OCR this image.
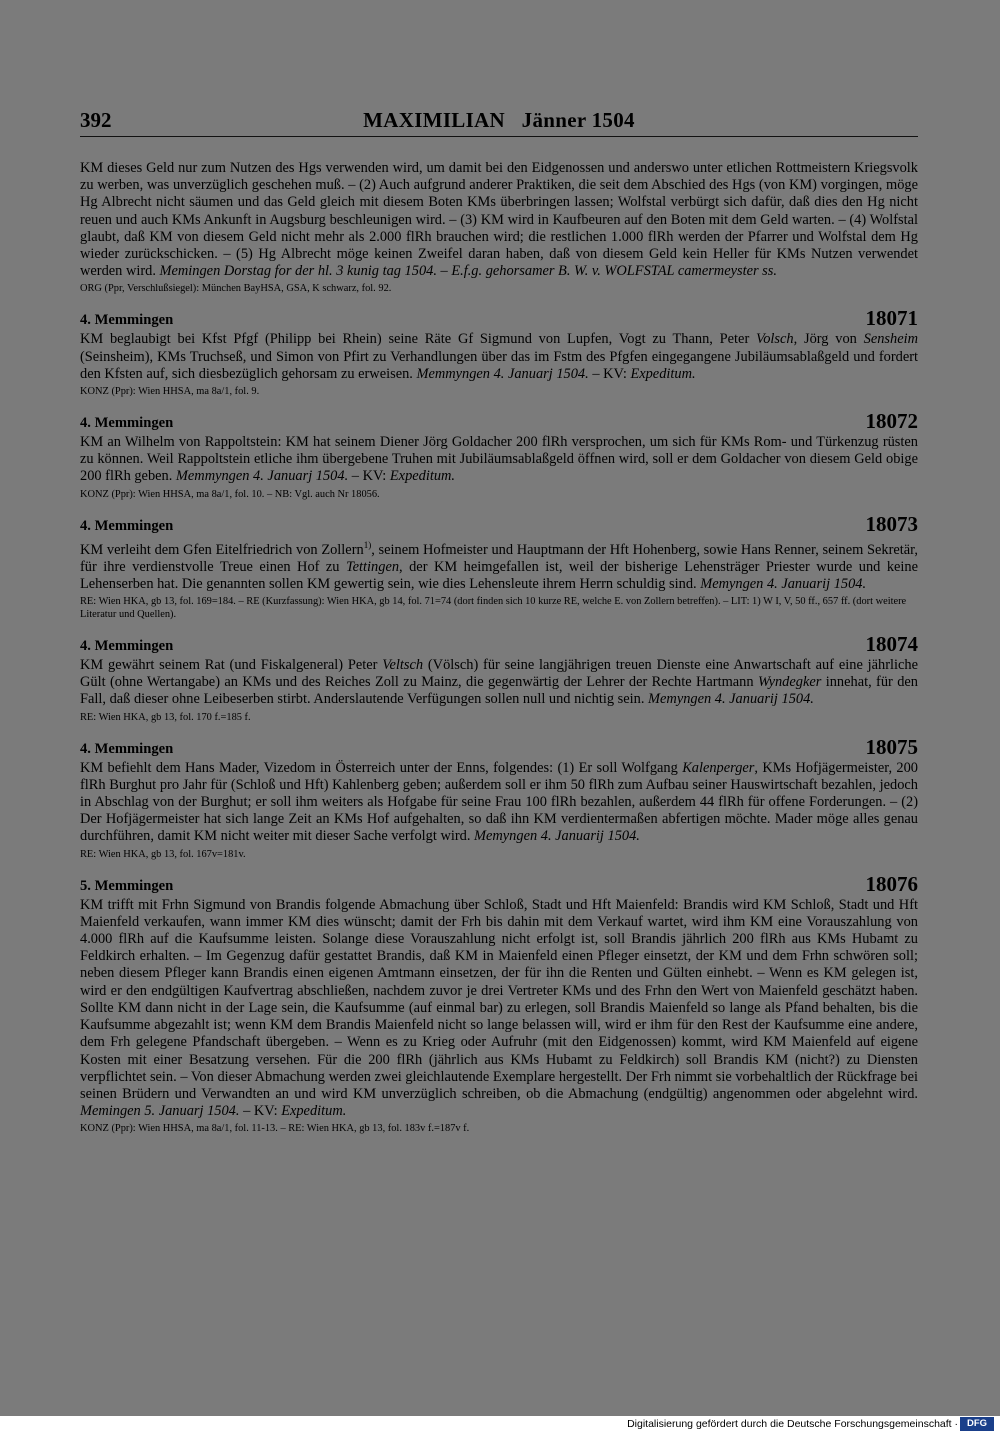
392	MAXIMILIAN   Jänner 1504

KM dieses Geld nur zum Nutzen des Hgs verwenden wird, um damit bei den Eidgenossen und anderswo unter etlichen Rottmeistern Kriegsvolk zu werben, was unverzüglich geschehen muß. – (2) Auch aufgrund anderer Praktiken, die seit dem Abschied des Hgs (von KM) vorgingen, möge Hg Albrecht nicht säumen und das Geld gleich mit diesem Boten KMs überbringen lassen; Wolfstal verbürgt sich dafür, daß dies den Hg nicht reuen und auch KMs Ankunft in Augsburg beschleunigen wird. – (3) KM wird in Kaufbeuren auf den Boten mit dem Geld warten. – (4) Wolfstal glaubt, daß KM von diesem Geld nicht mehr als 2.000 flRh brauchen wird; die restlichen 1.000 flRh werden der Pfarrer und Wolfstal dem Hg wieder zurückschicken. – (5) Hg Albrecht möge keinen Zweifel daran haben, daß von diesem Geld kein Heller für KMs Nutzen verwendet werden wird. Memingen Dorstag for der hl. 3 kunig tag 1504. – E.f.g. gehorsamer B. W. v. WOLFSTAL camermeyster ss.

ORG (Ppr, Verschlußsiegel): München BayHSA, GSA, K schwarz, fol. 92.

4. Memmingen	18071

KM beglaubigt bei Kfst Pfgf (Philipp bei Rhein) seine Räte Gf Sigmund von Lupfen, Vogt zu Thann, Peter Volsch, Jörg von Sensheim (Seinsheim), KMs Truchseß, und Simon von Pfirt zu Verhandlungen über das im Fstm des Pfgfen eingegangene Jubiläumsablaßgeld und fordert den Kfsten auf, sich diesbezüglich gehorsam zu erweisen. Memmyngen 4. Januarj 1504. – KV: Expeditum.

KONZ (Ppr): Wien HHSA, ma 8a/1, fol. 9.

4. Memmingen	18072

KM an Wilhelm von Rappoltstein: KM hat seinem Diener Jörg Goldacher 200 flRh versprochen, um sich für KMs Rom- und Türkenzug rüsten zu können. Weil Rappoltstein etliche ihm übergebene Truhen mit Jubiläumsablaßgeld öffnen wird, soll er dem Goldacher von diesem Geld obige 200 flRh geben. Memmyngen 4. Januarj 1504. – KV: Expeditum.

KONZ (Ppr): Wien HHSA, ma 8a/1, fol. 10. – NB: Vgl. auch Nr 18056.

4. Memmingen	18073

KM verleiht dem Gfen Eitelfriedrich von Zollern$^{1)}$, seinem Hofmeister und Hauptmann der Hft Hohenberg, sowie Hans Renner, seinem Sekretär, für ihre verdienstvolle Treue einen Hof zu Tettingen, der KM heimgefallen ist, weil der bisherige Lehensträger Priester wurde und keine Lehenserben hat. Die genannten sollen KM gewertig sein, wie dies Lehensleute ihrem Herrn schuldig sind. Memyngen 4. Januarij 1504.

RE: Wien HKA, gb 13, fol. 169=184. – RE (Kurzfassung): Wien HKA, gb 14, fol. 71=74 (dort finden sich 10 kurze RE, welche E. von Zollern betreffen). – LIT: 1) W I, V, 50 ff., 657 ff. (dort weitere Literatur und Quellen).

4. Memmingen	18074

KM gewährt seinem Rat (und Fiskalgeneral) Peter Veltsch (Völsch) für seine langjährigen treuen Dienste eine Anwartschaft auf eine jährliche Gült (ohne Wertangabe) an KMs und des Reiches Zoll zu Mainz, die gegenwärtig der Lehrer der Rechte Hartmann Wyndegker innehat, für den Fall, daß dieser ohne Leibeserben stirbt. Anderslautende Verfügungen sollen null und nichtig sein. Memyngen 4. Januarij 1504.

RE: Wien HKA, gb 13, fol. 170 f.=185 f.

4. Memmingen	18075

KM befiehlt dem Hans Mader, Vizedom in Österreich unter der Enns, folgendes: (1) Er soll Wolfgang Kalenperger, KMs Hofjägermeister, 200 flRh Burghut pro Jahr für (Schloß und Hft) Kahlenberg geben; außerdem soll er ihm 50 flRh zum Aufbau seiner Hauswirtschaft bezahlen, jedoch in Abschlag von der Burghut; er soll ihm weiters als Hofgabe für seine Frau 100 flRh bezahlen, außerdem 44 flRh für offene Forderungen. – (2) Der Hofjägermeister hat sich lange Zeit an KMs Hof aufgehalten, so daß ihn KM verdientermaßen abfertigen möchte. Mader möge alles genau durchführen, damit KM nicht weiter mit dieser Sache verfolgt wird. Memyngen 4. Januarij 1504.

RE: Wien HKA, gb 13, fol. 167v=181v.

5. Memmingen	18076

KM trifft mit Frhn Sigmund von Brandis folgende Abmachung über Schloß, Stadt und Hft Maienfeld: Brandis wird KM Schloß, Stadt und Hft Maienfeld verkaufen, wann immer KM dies wünscht; damit der Frh bis dahin mit dem Verkauf wartet, wird ihm KM eine Vorauszahlung von 4.000 flRh auf die Kaufsumme leisten. Solange diese Vorauszahlung nicht erfolgt ist, soll Brandis jährlich 200 flRh aus KMs Hubamt zu Feldkirch erhalten. – Im Gegenzug dafür gestattet Brandis, daß KM in Maienfeld einen Pfleger einsetzt, der KM und dem Frhn schwören soll; neben diesem Pfleger kann Brandis einen eigenen Amtmann einsetzen, der für ihn die Renten und Gülten einhebt. – Wenn es KM gelegen ist, wird er den endgültigen Kaufvertrag abschließen, nachdem zuvor je drei Vertreter KMs und des Frhn den Wert von Maienfeld geschätzt haben. Sollte KM dann nicht in der Lage sein, die Kaufsumme (auf einmal bar) zu erlegen, soll Brandis Maienfeld so lange als Pfand behalten, bis die Kaufsumme abgezahlt ist; wenn KM dem Brandis Maienfeld nicht so lange belassen will, wird er ihm für den Rest der Kaufsumme eine andere, dem Frh gelegene Pfandschaft übergeben. – Wenn es zu Krieg oder Aufruhr (mit den Eidgenossen) kommt, wird KM Maienfeld auf eigene Kosten mit einer Besatzung versehen. Für die 200 flRh (jährlich aus KMs Hubamt zu Feldkirch) soll Brandis KM (nicht?) zu Diensten verpflichtet sein. – Von dieser Abmachung werden zwei gleichlautende Exemplare hergestellt. Der Frh nimmt sie vorbehaltlich der Rückfrage bei seinen Brüdern und Verwandten an und wird KM unverzüglich schreiben, ob die Abmachung (endgültig) angenommen oder abgelehnt wird. Memingen 5. Januarj 1504. – KV: Expeditum.

KONZ (Ppr): Wien HHSA, ma 8a/1, fol. 11-13. – RE: Wien HKA, gb 13, fol. 183v f.=187v f.

Digitalisierung gefördert durch die Deutsche Forschungsgemeinschaft · DFG
